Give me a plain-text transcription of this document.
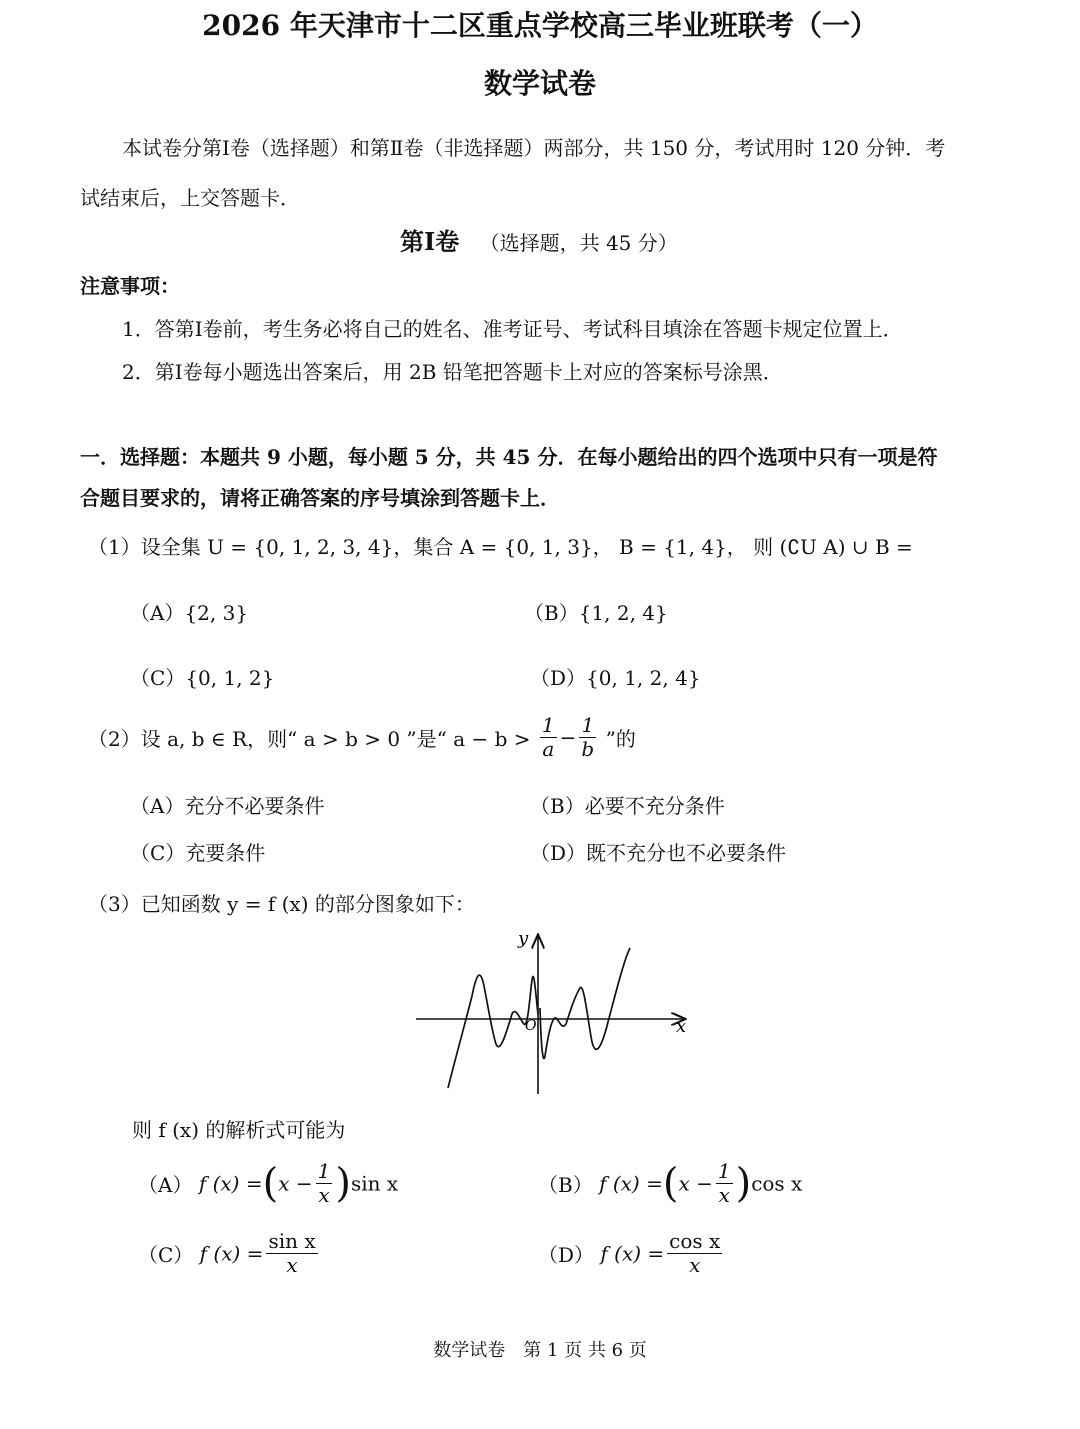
2026 年天津市十二区重点学校高三毕业班联考（一）
数学试卷
本试卷分第Ⅰ卷（选择题）和第Ⅱ卷（非选择题）两部分，共 150 分，考试用时 120 分钟．考
试结束后，上交答题卡．
第Ⅰ卷 （选择题，共 45 分）
注意事项：
1．答第Ⅰ卷前，考生务必将自己的姓名、准考证号、考试科目填涂在答题卡规定位置上．
2．第Ⅰ卷每小题选出答案后，用 2B 铅笔把答题卡上对应的答案标号涂黑．
一．选择题：本题共 9 小题，每小题 5 分，共 45 分．在每小题给出的四个选项中只有一项是符
合题目要求的，请将正确答案的序号填涂到答题卡上．
（1）设全集 U = {0, 1, 2, 3, 4}，集合 A = {0, 1, 3}， B = {1, 4}， 则 (∁U A) ∪ B =
（A）{2, 3}	（B）{1, 2, 4}
（C）{0, 1, 2}	（D）{0, 1, 2, 4}
（2）设 a, b ∈ R，则“ a > b > 0 ”是“ $a - b > \frac{1}{a} - \frac{1}{b}$ ”的
（A）充分不必要条件	（B）必要不充分条件
（C）充要条件	（D）既不充分也不必要条件
（3）已知函数 y = f (x) 的部分图象如下：
y
x
O
则 f (x) 的解析式可能为
（A） f $(x) =(x - \frac{1}{x} )\sin$ x	（B） f $(x) =(x - \frac{1}{x} )\cos$ x
（C） f $(x) = \frac{\text{sin x}}{x}$	（D） f $(x) = \frac{\text{cos x}}{x}$
数学试卷　第 1 页 共 6 页
